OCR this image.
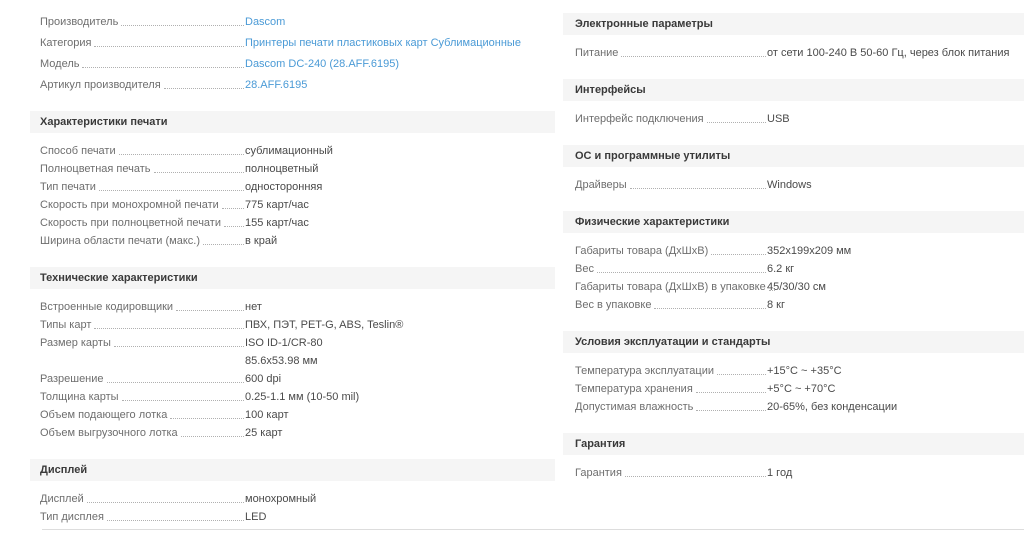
Производитель	Dascom
Категория	Принтеры печати пластиковых карт Сублимационные
Модель	Dascom DC-240 (28.AFF.6195)
Артикул производителя	28.AFF.6195
Характеристики печати
Способ печати	сублимационный
Полноцветная печать	полноцветный
Тип печати	односторонняя
Скорость при монохромной печати 775 карт/час
Скорость при полноцветной печати 155 карт/час
Ширина области печати (макс.)	в край
Технические характеристики
Встроенные кодировщики	нет
Типы карт	ПВХ, ПЭТ, PET-G, ABS, Teslin®
Размер карты	ISO ID-1/CR-80
85.6x53.98 мм
Разрешение	600 dpi
Толщина карты	0.25-1.1 мм (10-50 mil)
Объем подающего лотка	100 карт
Объем выгрузочного лотка	25 карт
Дисплей
Дисплей	монохромный
Тип дисплея	LED
Электронные параметры
Питание	от сети 100-240 В 50-60 Гц, через блок питания
Интерфейсы
Интерфейс подключения	USB
ОС и программные утилиты
Драйверы	Windows
Физические характеристики
Габариты товара (ДхШхВ)	352x199x209 мм
Вес	6.2 кг
Габариты товара (ДхШхВ) в упаковке 45/30/30 см
Вес в упаковке	8 кг
Условия эксплуатации и стандарты
Температура эксплуатации	+15°C ~ +35°C
Температура хранения	+5°C ~ +70°C
Допустимая влажность	20-65%, без конденсации
Гарантия
Гарантия	1 год
